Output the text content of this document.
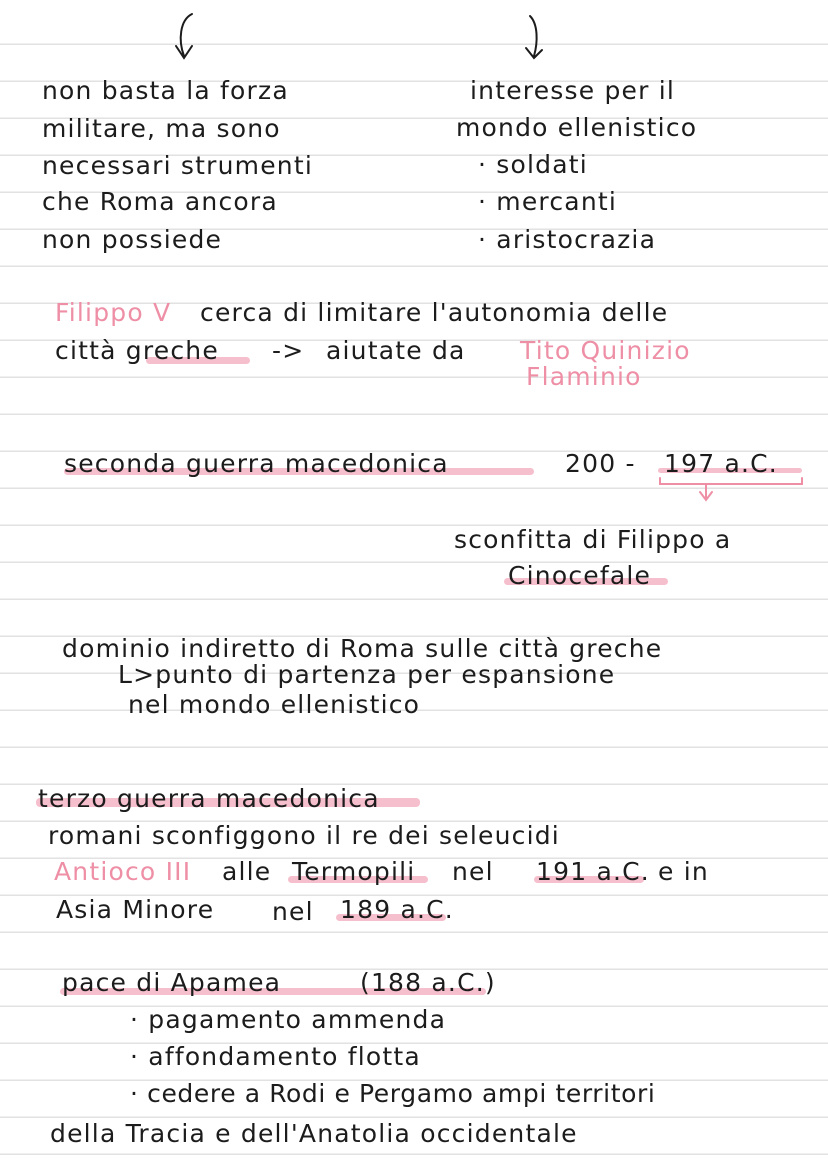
non basta la forza
militare, ma sono
necessari strumenti
che Roma ancora
non possiede
interesse per il
mondo ellenistico
· soldati
· mercanti
· aristocrazia
Filippo V cerca di limitare l'autonomia delle
città greche -> aiutate da Tito Quinizio
Flaminio
seconda guerra macedonica	200 - 197 a.C.
sconfitta di Filippo a
Cinocefale
dominio indiretto di Roma sulle città greche
L>punto di partenza per espansione
nel mondo ellenistico
terzo guerra macedonica
romani sconfiggono il re dei seleucidi
Antioco III alle Termopili nel 191 a.C. e in
Asia Minore nel 189 a.C.
pace di Apamea	(188 a.C.)
· pagamento ammenda
· affondamento flotta
· cedere a Rodi e Pergamo ampi territori
della Tracia e dell'Anatolia occidentale
